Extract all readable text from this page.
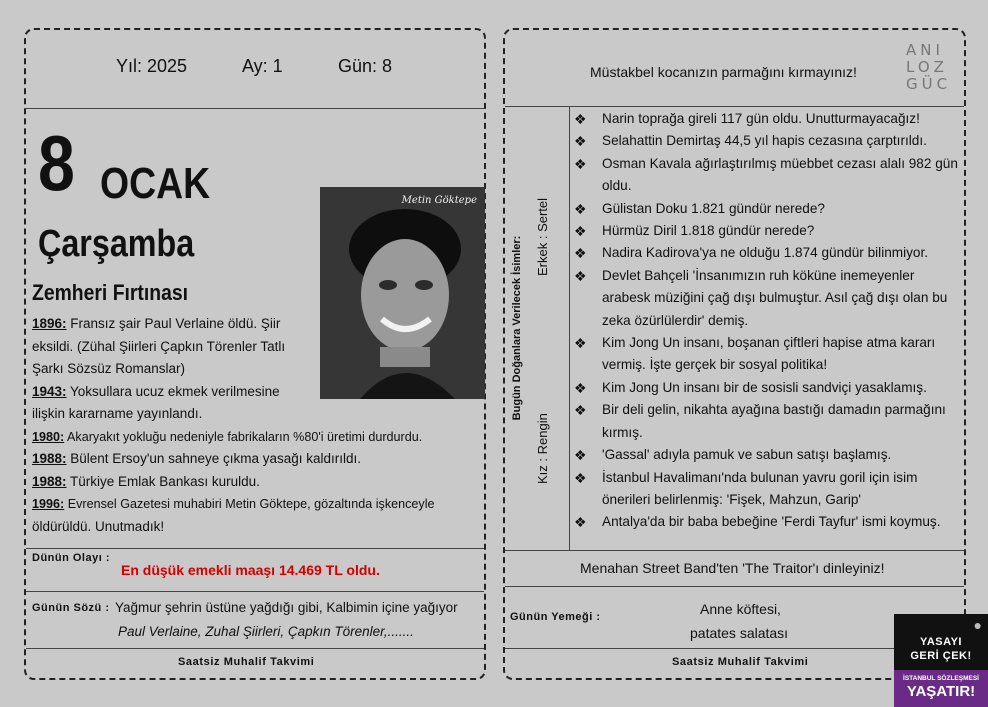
Yıl: 2025	Ay: 1	Gün: 8
8 OCAK
Çarşamba
Zemheri Fırtınası
Metin Göktepe
1896: Fransız şair Paul Verlaine öldü. Şiir
eksildi. (Zühal Şiirleri Çapkın Törenler Tatlı
Şarkı Sözsüz Romanslar)
1943: Yoksullara ucuz ekmek verilmesine
ilişkin kararname yayınlandı.
1980: Akaryakıt yokluğu nedeniyle fabrikaların %80'i üretimi durdurdu.
1988: Bülent Ersoy'un sahneye çıkma yasağı kaldırıldı.
1988: Türkiye Emlak Bankası kuruldu.
1996: Evrensel Gazetesi muhabiri Metin Göktepe, gözaltında işkenceyle
öldürüldü. Unutmadık!
Dünün Olayı :
En düşük emekli maaşı 14.469 TL oldu.
Günün Sözü : Yağmur şehrin üstüne yağdığı gibi, Kalbimin içine yağıyor
Paul Verlaine, Zuhal Şiirleri, Çapkın Törenler,.......
Saatsiz Muhalif Takvimi
Müstakbel kocanızın parmağını kırmayınız!
ANI
LOZ
GÜC
Bugün Doğanlara Verilecek İsimler: Erkek : Sertel
Kız : Rengin
❖ Narin toprağa gireli 117 gün oldu. Unutturmayacağız!
❖ Selahattin Demirtaş 44,5 yıl hapis cezasına çarptırıldı.
❖ Osman Kavala ağırlaştırılmış müebbet cezası alalı 982 gün oldu.
❖ Gülistan Doku 1.821 gündür nerede?
❖ Hürmüz Diril 1.818 gündür nerede?
❖ Nadira Kadirova'ya ne olduğu 1.874 gündür bilinmiyor.
❖ Devlet Bahçeli 'İnsanımızın ruh köküne inemeyenler arabesk müziğini çağ dışı bulmuştur. Asıl çağ dışı olan bu zeka özürlülerdir' demiş.
❖ Kim Jong Un insanı, boşanan çiftleri hapise atma kararı vermiş. İşte gerçek bir sosyal politika!
❖ Kim Jong Un insanı bir de sosisli sandviçi yasaklamış.
❖ Bir deli gelin, nikahta ayağına bastığı damadın parmağını kırmış.
❖ 'Gassal' adıyla pamuk ve sabun satışı başlamış.
❖ İstanbul Havalimanı'nda bulunan yavru goril için isim önerileri belirlenmiş: 'Fişek, Mahzun, Garip'
❖ Antalya'da bir baba bebeğine 'Ferdi Tayfur' ismi koymuş.
Menahan Street Band'ten 'The Traitor'ı dinleyiniz!
Günün Yemeği :	Anne köftesi,
patates salatası
Saatsiz Muhalif Takvimi
YASAYI
GERİ ÇEK!
İSTANBUL SÖZLEŞMESİ
YAŞATIR!
●
